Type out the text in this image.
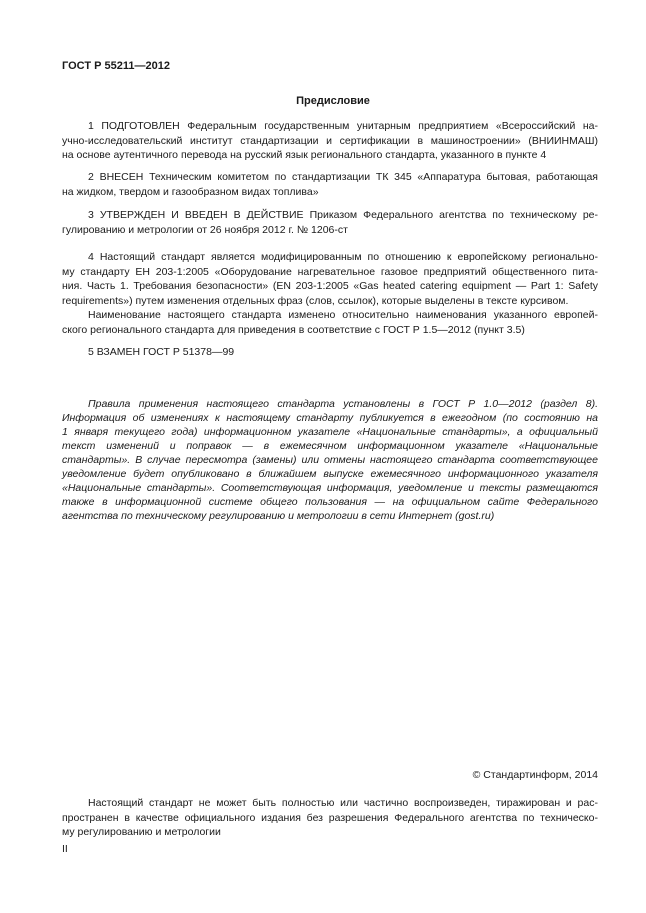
ГОСТ Р 55211—2012
Предисловие

1 ПОДГОТОВЛЕН Федеральным государственным унитарным предприятием «Всероссийский на-
учно-исследовательский институт стандартизации и сертификации в машиностроении» (ВНИИНМАШ)
на основе аутентичного перевода на русский язык регионального стандарта, указанного в пункте 4

2 ВНЕСЕН Техническим комитетом по стандартизации ТК 345 «Аппаратура бытовая, работающая
на жидком, твердом и газообразном видах топлива»

3 УТВЕРЖДЕН И ВВЕДЕН В ДЕЙСТВИЕ Приказом Федерального агентства по техническому ре-
гулированию и метрологии от 26 ноября 2012 г. № 1206-ст

4 Настоящий стандарт является модифицированным по отношению к европейскому регионально-
му стандарту ЕН 203-1:2005 «Оборудование нагревательное газовое предприятий общественного пита-
ния. Часть 1. Требования безопасности» (EN 203-1:2005 «Gas heated catering equipment — Part 1: Safety
requirements») путем изменения отдельных фраз (слов, ссылок), которые выделены в тексте курсивом.
Наименование настоящего стандарта изменено относительно наименования указанного европей-
ского регионального стандарта для приведения в соответствие с ГОСТ Р 1.5—2012 (пункт 3.5)

5 ВЗАМЕН ГОСТ Р 51378—99

Правила применения настоящего стандарта установлены в ГОСТ Р 1.0—2012 (раздел 8).
Информация об изменениях к настоящему стандарту публикуется в ежегодном (по состоянию на
1 января текущего года) информационном указателе «Национальные стандарты», а официальный
текст изменений и поправок — в ежемесячном информационном указателе «Национальные
стандарты». В случае пересмотра (замены) или отмены настоящего стандарта соответствующее
уведомление будет опубликовано в ближайшем выпуске ежемесячного информационного указателя
«Национальные стандарты». Соответствующая информация, уведомление и тексты размещаются
также в информационной системе общего пользования — на официальном сайте Федерального
агентства по техническому регулированию и метрологии в сети Интернет (gost.ru)

© Стандартинформ, 2014

Настоящий стандарт не может быть полностью или частично воспроизведен, тиражирован и рас-
пространен в качестве официального издания без разрешения Федерального агентства по техническо-
му регулированию и метрологии

II
